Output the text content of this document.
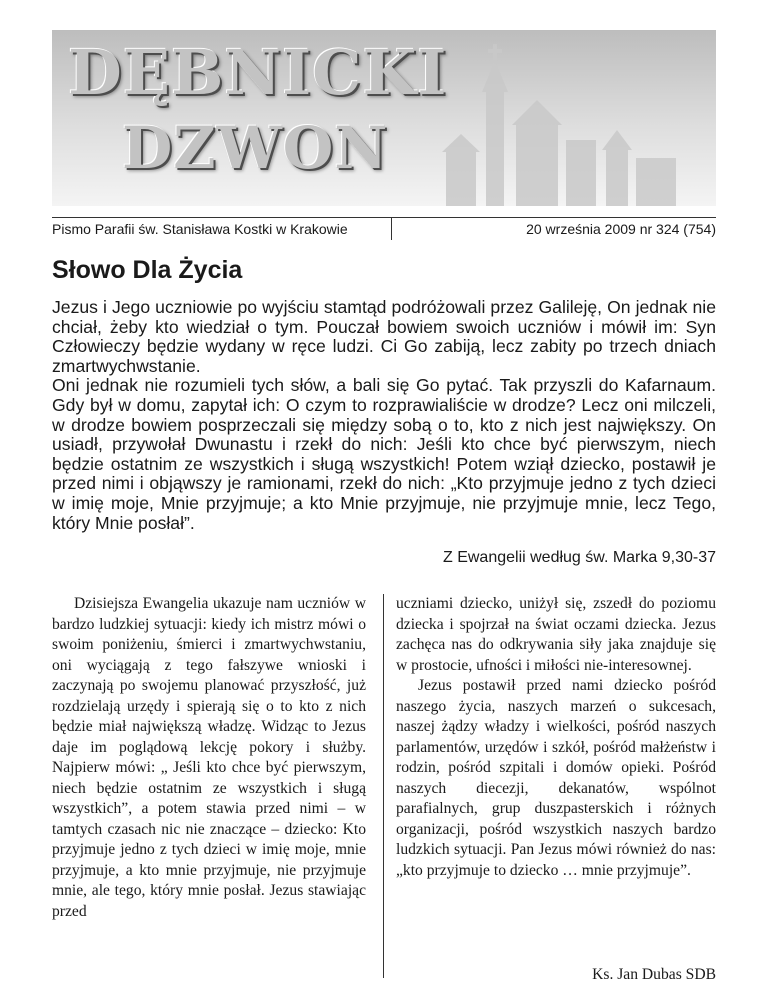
DĘBNICKI
DZWON
Pismo Parafii św. Stanisława Kostki w Krakowie	20 września 2009 nr 324 (754)
Słowo Dla Życia

Jezus i Jego uczniowie po wyjściu stamtąd podróżowali przez Galileję, On jednak nie chciał, żeby kto wiedział o tym. Pouczał bowiem swoich uczniów i mówił im: Syn Człowieczy będzie wydany w ręce ludzi. Ci Go zabiją, lecz zabity po trzech dniach zmartwychwstanie.

Oni jednak nie rozumieli tych słów, a bali się Go pytać. Tak przyszli do Kafarnaum. Gdy był w domu, zapytał ich: O czym to rozprawialiście w drodze? Lecz oni milczeli, w drodze bowiem posprzeczali się między sobą o to, kto z nich jest największy. On usiadł, przywołał Dwunastu i rzekł do nich: Jeśli kto chce być pierwszym, niech będzie ostatnim ze wszystkich i sługą wszystkich! Potem wziął dziecko, postawił je przed nimi i objąwszy je ramionami, rzekł do nich: „Kto przyjmuje jedno z tych dzieci w imię moje, Mnie przyjmuje; a kto Mnie przyjmuje, nie przyjmuje mnie, lecz Tego, który Mnie posłał”.

Z Ewangelii według św. Marka 9,30-37

Dzisiejsza Ewangelia ukazuje nam uczniów w bardzo ludzkiej sytuacji: kiedy ich mistrz mówi o swoim poniżeniu, śmierci i zmartwychwstaniu, oni wyciągają z tego fałszywe wnioski i zaczynają po swojemu planować przyszłość, już rozdzielają urzędy i spierają się o to kto z nich będzie miał największą władzę. Widząc to Jezus daje im poglądową lekcję pokory i służby. Najpierw mówi: „ Jeśli kto chce być pierwszym, niech będzie ostatnim ze wszystkich i sługą wszystkich”, a potem stawia przed nimi – w tamtych czasach nic nie znaczące – dziecko: Kto przyjmuje jedno z tych dzieci w imię moje, mnie przyjmuje, a kto mnie przyjmuje, nie przyjmuje mnie, ale tego, który mnie posłał. Jezus stawiając przed

uczniami dziecko, uniżył się, zszedł do poziomu dziecka i spojrzał na świat oczami dziecka. Jezus zachęca nas do odkrywania siły jaka znajduje się w prostocie, ufności i miłości nie-interesownej.

Jezus postawił przed nami dziecko pośród naszego życia, naszych marzeń o sukcesach, naszej żądzy władzy i wielkości, pośród naszych parlamentów, urzędów i szkół, pośród małżeństw i rodzin, pośród szpitali i domów opieki. Pośród naszych diecezji, dekanatów, wspólnot parafialnych, grup duszpasterskich i różnych organizacji, pośród wszystkich naszych bardzo ludzkich sytuacji. Pan Jezus mówi również do nas: „kto przyjmuje to dziecko … mnie przyjmuje”.

Ks. Jan Dubas SDB
